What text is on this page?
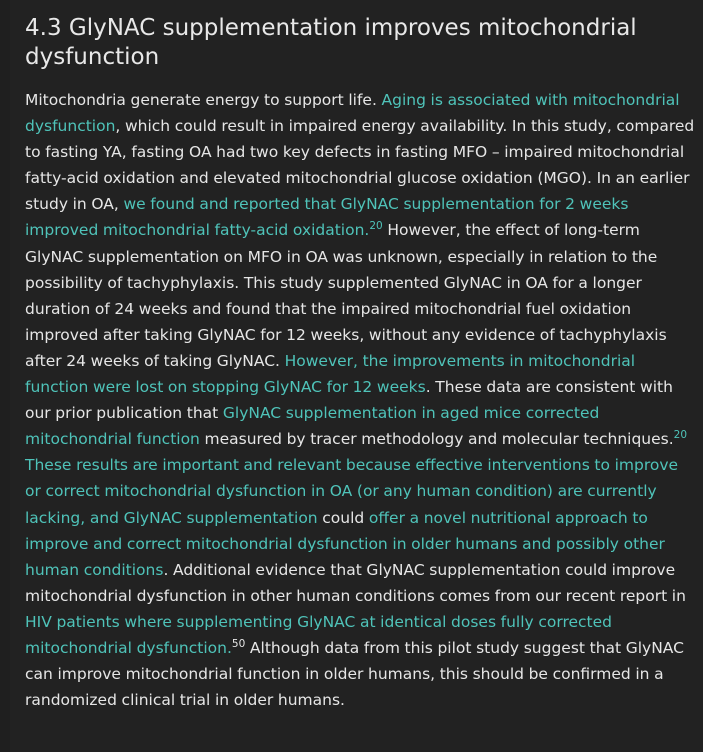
4.3 GlyNAC supplementation improves mitochondrial dysfunction

Mitochondria generate energy to support life. Aging is associated with mitochondrial dysfunction, which could result in impaired energy availability. In this study, compared to fasting YA, fasting OA had two key defects in fasting MFO – impaired mitochondrial fatty-acid oxidation and elevated mitochondrial glucose oxidation (MGO). In an earlier study in OA, we found and reported that GlyNAC supplementation for 2 weeks improved mitochondrial fatty-acid oxidation.$^{20}$ However, the effect of long-term GlyNAC supplementation on MFO in OA was unknown, especially in relation to the possibility of tachyphylaxis. This study supplemented GlyNAC in OA for a longer duration of 24 weeks and found that the impaired mitochondrial fuel oxidation improved after taking GlyNAC for 12 weeks, without any evidence of tachyphylaxis after 24 weeks of taking GlyNAC. However, the improvements in mitochondrial function were lost on stopping GlyNAC for 12 weeks. These data are consistent with our prior publication that GlyNAC supplementation in aged mice corrected mitochondrial function measured by tracer methodology and molecular techniques.$^{20}$ These results are important and relevant because effective interventions to improve or correct mitochondrial dysfunction in OA (or any human condition) are currently lacking, and GlyNAC supplementation could offer a novel nutritional approach to improve and correct mitochondrial dysfunction in older humans and possibly other human conditions. Additional evidence that GlyNAC supplementation could improve mitochondrial dysfunction in other human conditions comes from our recent report in HIV patients where supplementing GlyNAC at identical doses fully corrected mitochondrial dysfunction.$^{50}$ Although data from this pilot study suggest that GlyNAC can improve mitochondrial function in older humans, this should be confirmed in a randomized clinical trial in older humans.
